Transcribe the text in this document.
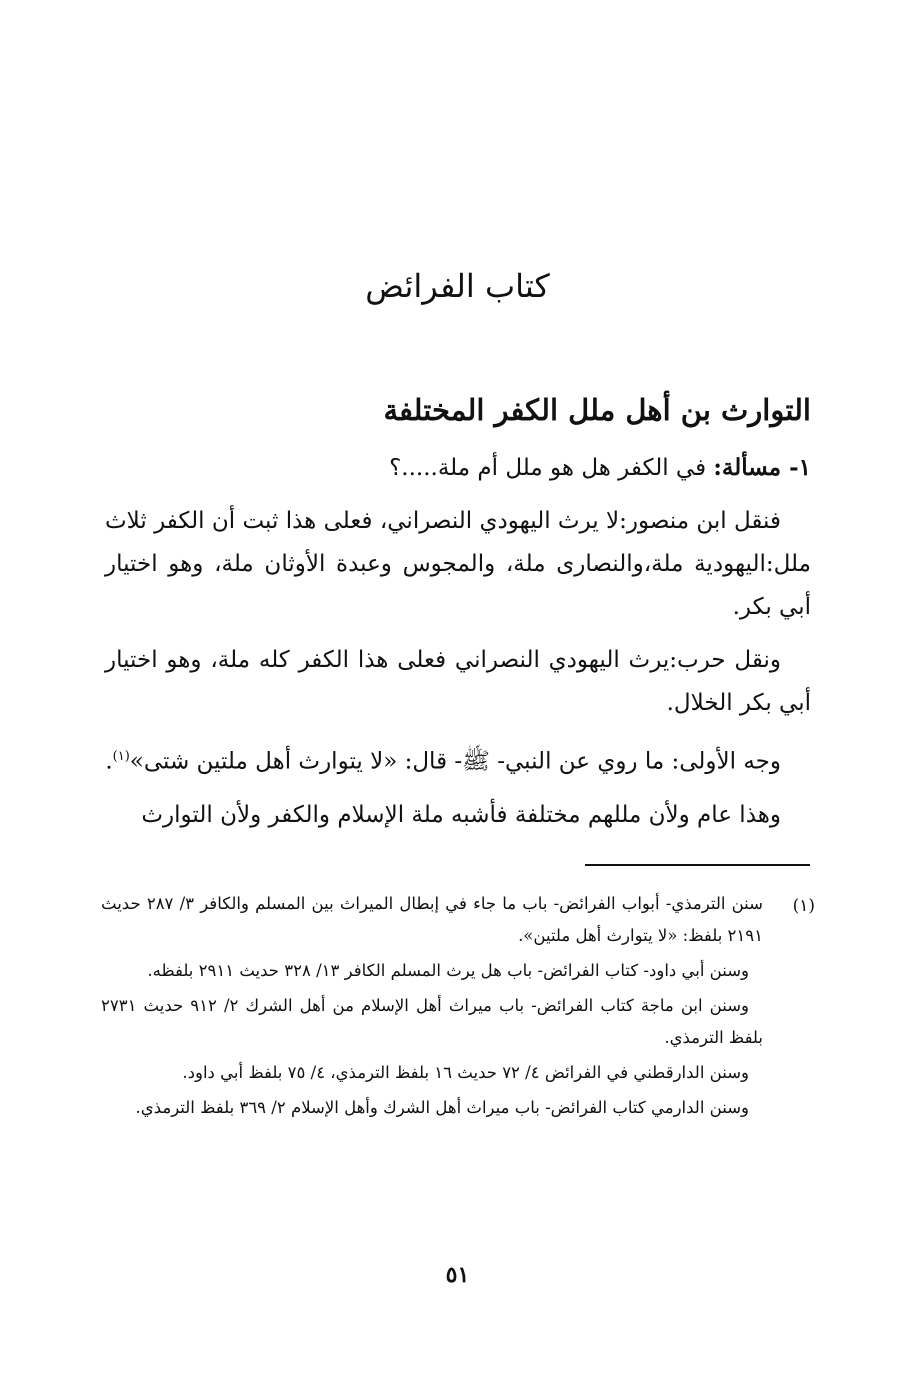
كتاب الفرائض
التوارث بن أهل ملل الكفر المختلفة

١- مسألة: في الكفر هل هو ملل أم ملة.....؟

فنقل ابن منصور:لا يرث اليهودي النصراني، فعلى هذا ثبت أن الكفر ثلاث ملل:اليهودية ملة،والنصارى ملة، والمجوس وعبدة الأوثان ملة، وهو اختيار أبي بكر.

ونقل حرب:يرث اليهودي النصراني فعلى هذا الكفر كله ملة، وهو اختيار أبي بكر الخلال.

وجه الأولى: ما روي عن النبي- ﷺ- قال: «لا يتوارث أهل ملتين شتى»$^{(١)}$.

وهذا عام ولأن مللهم مختلفة فأشبه ملة الإسلام والكفر ولأن التوارث

(١)

سنن الترمذي- أبواب الفرائض- باب ما جاء في إبطال الميراث بين المسلم والكافر ٣/ ٢٨٧ حديث ٢١٩١ بلفظ: «لا يتوارث أهل ملتين».

وسنن أبي داود- كتاب الفرائض- باب هل يرث المسلم الكافر ١٣/ ٣٢٨ حديث ٢٩١١ بلفظه.

وسنن ابن ماجة كتاب الفرائض- باب ميراث أهل الإسلام من أهل الشرك ٢/ ٩١٢ حديث ٢٧٣١ بلفظ الترمذي.

وسنن الدارقطني في الفرائض ٤/ ٧٢ حديث ١٦ بلفظ الترمذي، ٤/ ٧٥ بلفظ أبي داود.

وسنن الدارمي كتاب الفرائض- باب ميراث أهل الشرك وأهل الإسلام ٢/ ٣٦٩ بلفظ الترمذي.

٥١
